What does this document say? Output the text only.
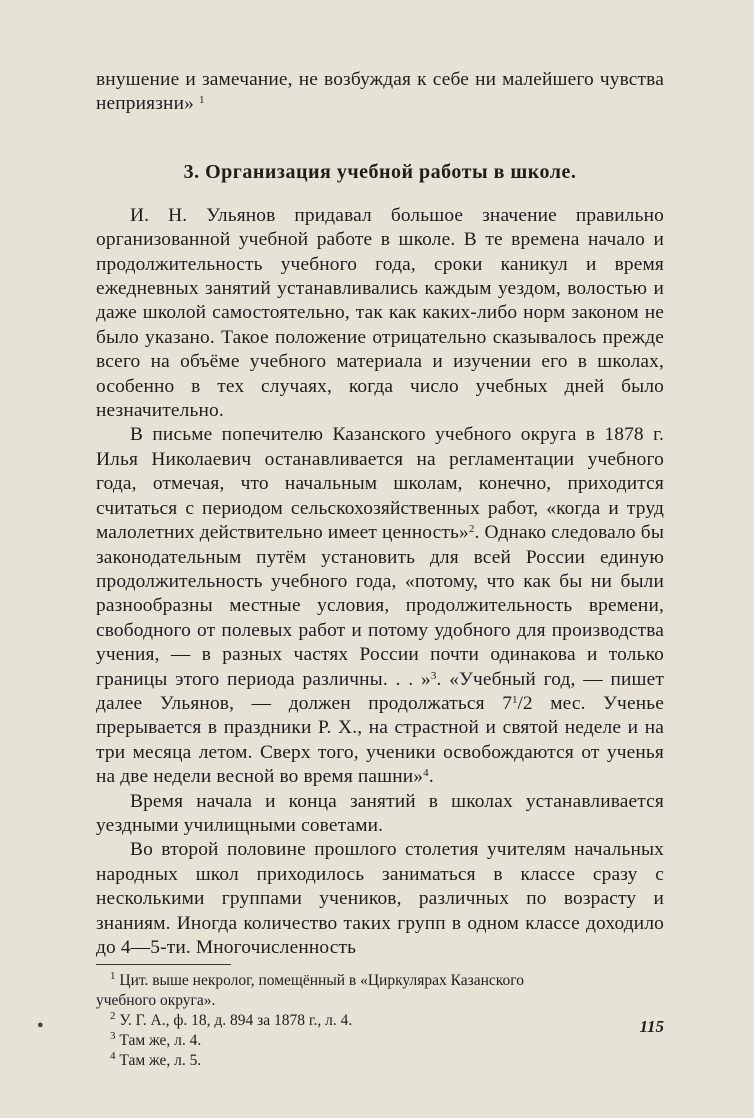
внушение и замечание, не возбуждая к себе ни малейшего чувства неприязни» $^1$

3. Организация учебной работы в школе.

И. Н. Ульянов придавал большое значение правильно организованной учебной работе в школе. В те времена начало и продолжительность учебного года, сроки каникул и время ежедневных занятий устанавливались каждым уездом, волостью и даже школой самостоятельно, так как каких-либо норм законом не было указано. Такое положение отрицательно сказывалось прежде всего на объёме учебного материала и изучении его в школах, особенно в тех случаях, когда число учебных дней было незначительно.

В письме попечителю Казанского учебного округа в 1878 г. Илья Николаевич останавливается на регламентации учебного года, отмечая, что начальным школам, конечно, приходится считаться с периодом сельскохозяйственных работ, «когда и труд малолетних действительно имеет ценность»$^2$. Однако следовало бы законодательным путём установить для всей России единую продолжительность учебного года, «потому, что как бы ни были разнообразны местные условия, продолжительность времени, свободного от полевых работ и потому удобного для производства учения, — в разных частях России почти одинакова и только границы этого периода различны. . . »$^3$. «Учебный год, — пишет далее Ульянов, — должен продолжаться $7^1/2$ мес. Ученье прерывается в праздники Р. Х., на страстной и святой неделе и на три месяца летом. Сверх того, ученики освобождаются от ученья на две недели весной во время пашни»$^4$.

Время начала и конца занятий в школах устанавливается уездными училищными советами.

Во второй половине прошлого столетия учителям начальных народных школ приходилось заниматься в классе сразу с несколькими группами учеников, различных по возрасту и знаниям. Иногда количество таких групп в одном классе доходило до 4—5-ти. Многочисленность

$^1$ Цит. выше некролог, помещённый в «Циркулярах Казанского

учебного округа».

$^2$ У. Г. А., ф. 18, д. 894 за 1878 г., л. 4.

$^3$ Там же, л. 4.

$^4$ Там же, л. 5.

●	115
